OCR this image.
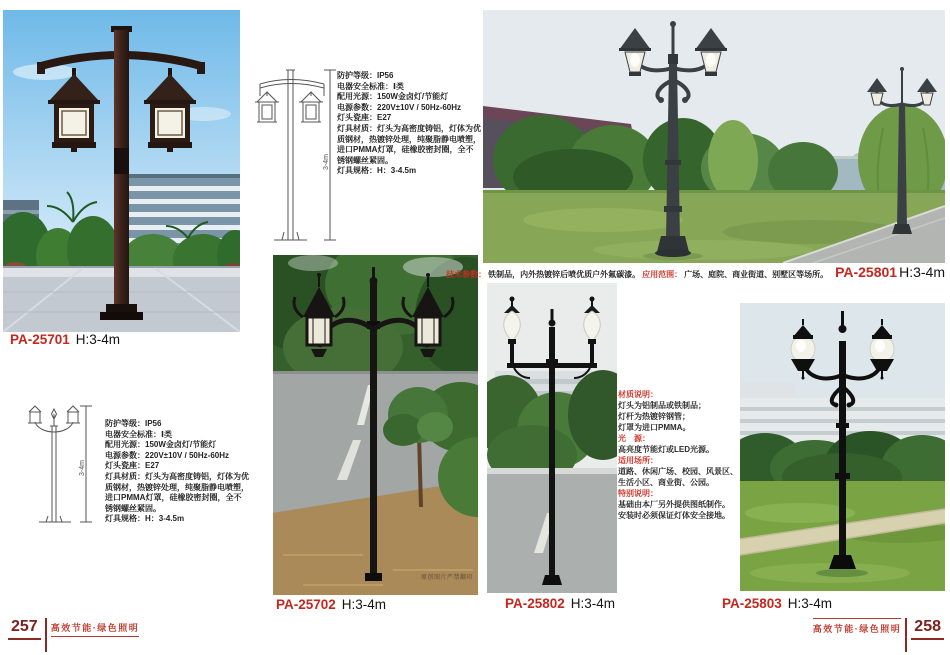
PA-25701 H:3-4m
3-4m
防护等级：IP56
电器安全标准：Ⅰ类
配用光源：150W金卤灯/节能灯
电源参数：220V±10V / 50Hz-60Hz
灯头瓷座：E27
灯具材质：灯头为高密度铸铝，灯体为优质钢材，热镀锌处理，纯聚脂静电喷塑，进口PMMA灯罩，硅橡胶密封圈，全不锈钢螺丝紧固。
灯具规格：H：3-4.5m
3-4m
防护等级：IP56
电器安全标准：Ⅰ类
配用光源：150W金卤灯/节能灯
电源参数：220V±10V / 50Hz-60Hz
灯头瓷座：E27
灯具材质：灯头为高密度铸铝，灯体为优质钢材，热镀锌处理，纯聚脂静电喷塑，进口PMMA灯罩，硅橡胶密封圈，全不锈钢螺丝紧固。
灯具规格：H：3-4.5m
原创图片严禁翻印
PA-25702 H:3-4m
技术参数： 铁制品，内外热镀锌后喷优质户外氟碳漆。 应用范围： 广场、庭院、商业街道、别墅区等场所。 PA-25801 H:3-4m
材质说明：
灯头为铝制品或铁制品；
灯杆为热镀锌钢管；
灯罩为进口PMMA。
光　源：
高亮度节能灯或LED光源。
适用场所：
道路、休闲广场、校园、风景区、
生活小区、商业街、公园。
特别说明：
基础由本厂另外提供图纸制作。
安装时必须保证灯体安全接地。
PA-25802 H:3-4m	PA-25803 H:3-4m
257	高效节能·绿色照明	高效节能·绿色照明 258
